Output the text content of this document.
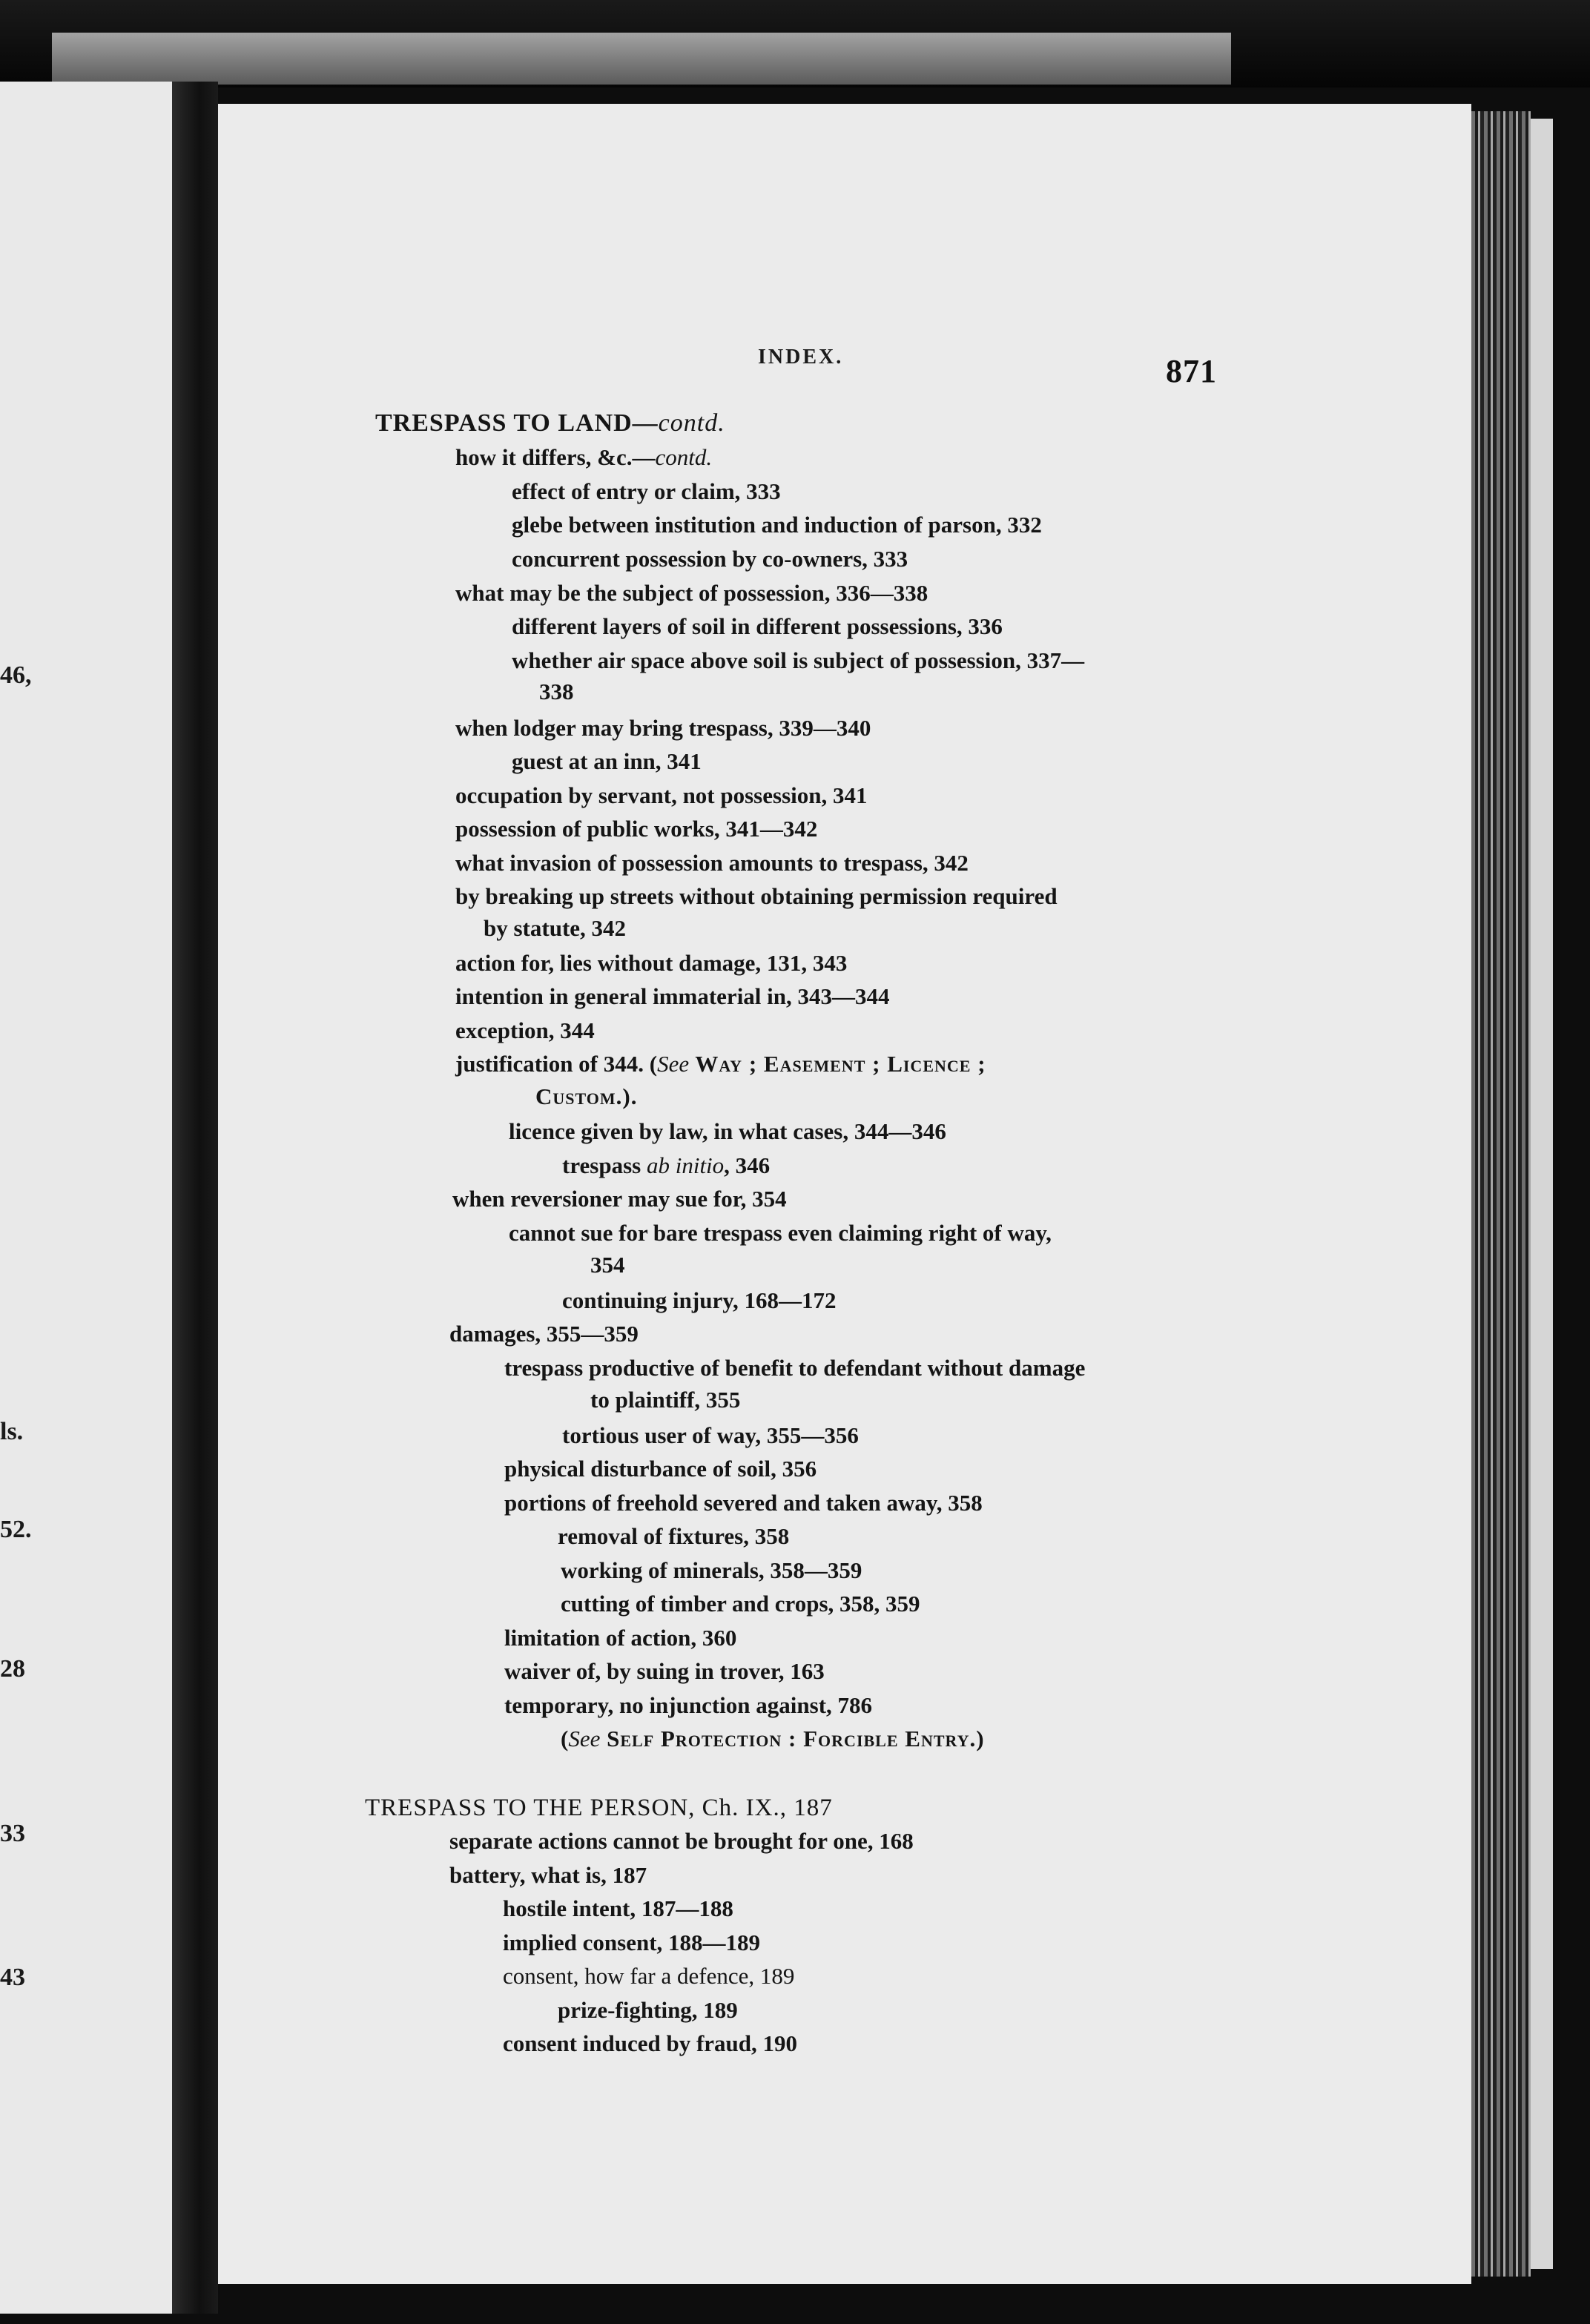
46,
ls.
52.
28
33
43
INDEX.	871
TRESPASS TO LAND—contd.
how it differs, &c.—contd.
effect of entry or claim, 333
glebe between institution and induction of parson, 332
concurrent possession by co-owners, 333
what may be the subject of possession, 336—338
different layers of soil in different possessions, 336
whether air space above soil is subject of possession, 337—
338
when lodger may bring trespass, 339—340
guest at an inn, 341
occupation by servant, not possession, 341
possession of public works, 341—342
what invasion of possession amounts to trespass, 342
by breaking up streets without obtaining permission required
by statute, 342
action for, lies without damage, 131, 343
intention in general immaterial in, 343—344
exception, 344
justification of 344. (See Way ; Easement ; Licence ;
Custom.).
licence given by law, in what cases, 344—346
trespass ab initio, 346
when reversioner may sue for, 354
cannot sue for bare trespass even claiming right of way,
354
continuing injury, 168—172
damages, 355—359
trespass productive of benefit to defendant without damage
to plaintiff, 355
tortious user of way, 355—356
physical disturbance of soil, 356
portions of freehold severed and taken away, 358
removal of fixtures, 358
working of minerals, 358—359
cutting of timber and crops, 358, 359
limitation of action, 360
waiver of, by suing in trover, 163
temporary, no injunction against, 786
(See Self Protection : Forcible Entry.)
TRESPASS TO THE PERSON, Ch. IX., 187
separate actions cannot be brought for one, 168
battery, what is, 187
hostile intent, 187—188
implied consent, 188—189
consent, how far a defence, 189
prize-fighting, 189
consent induced by fraud, 190
